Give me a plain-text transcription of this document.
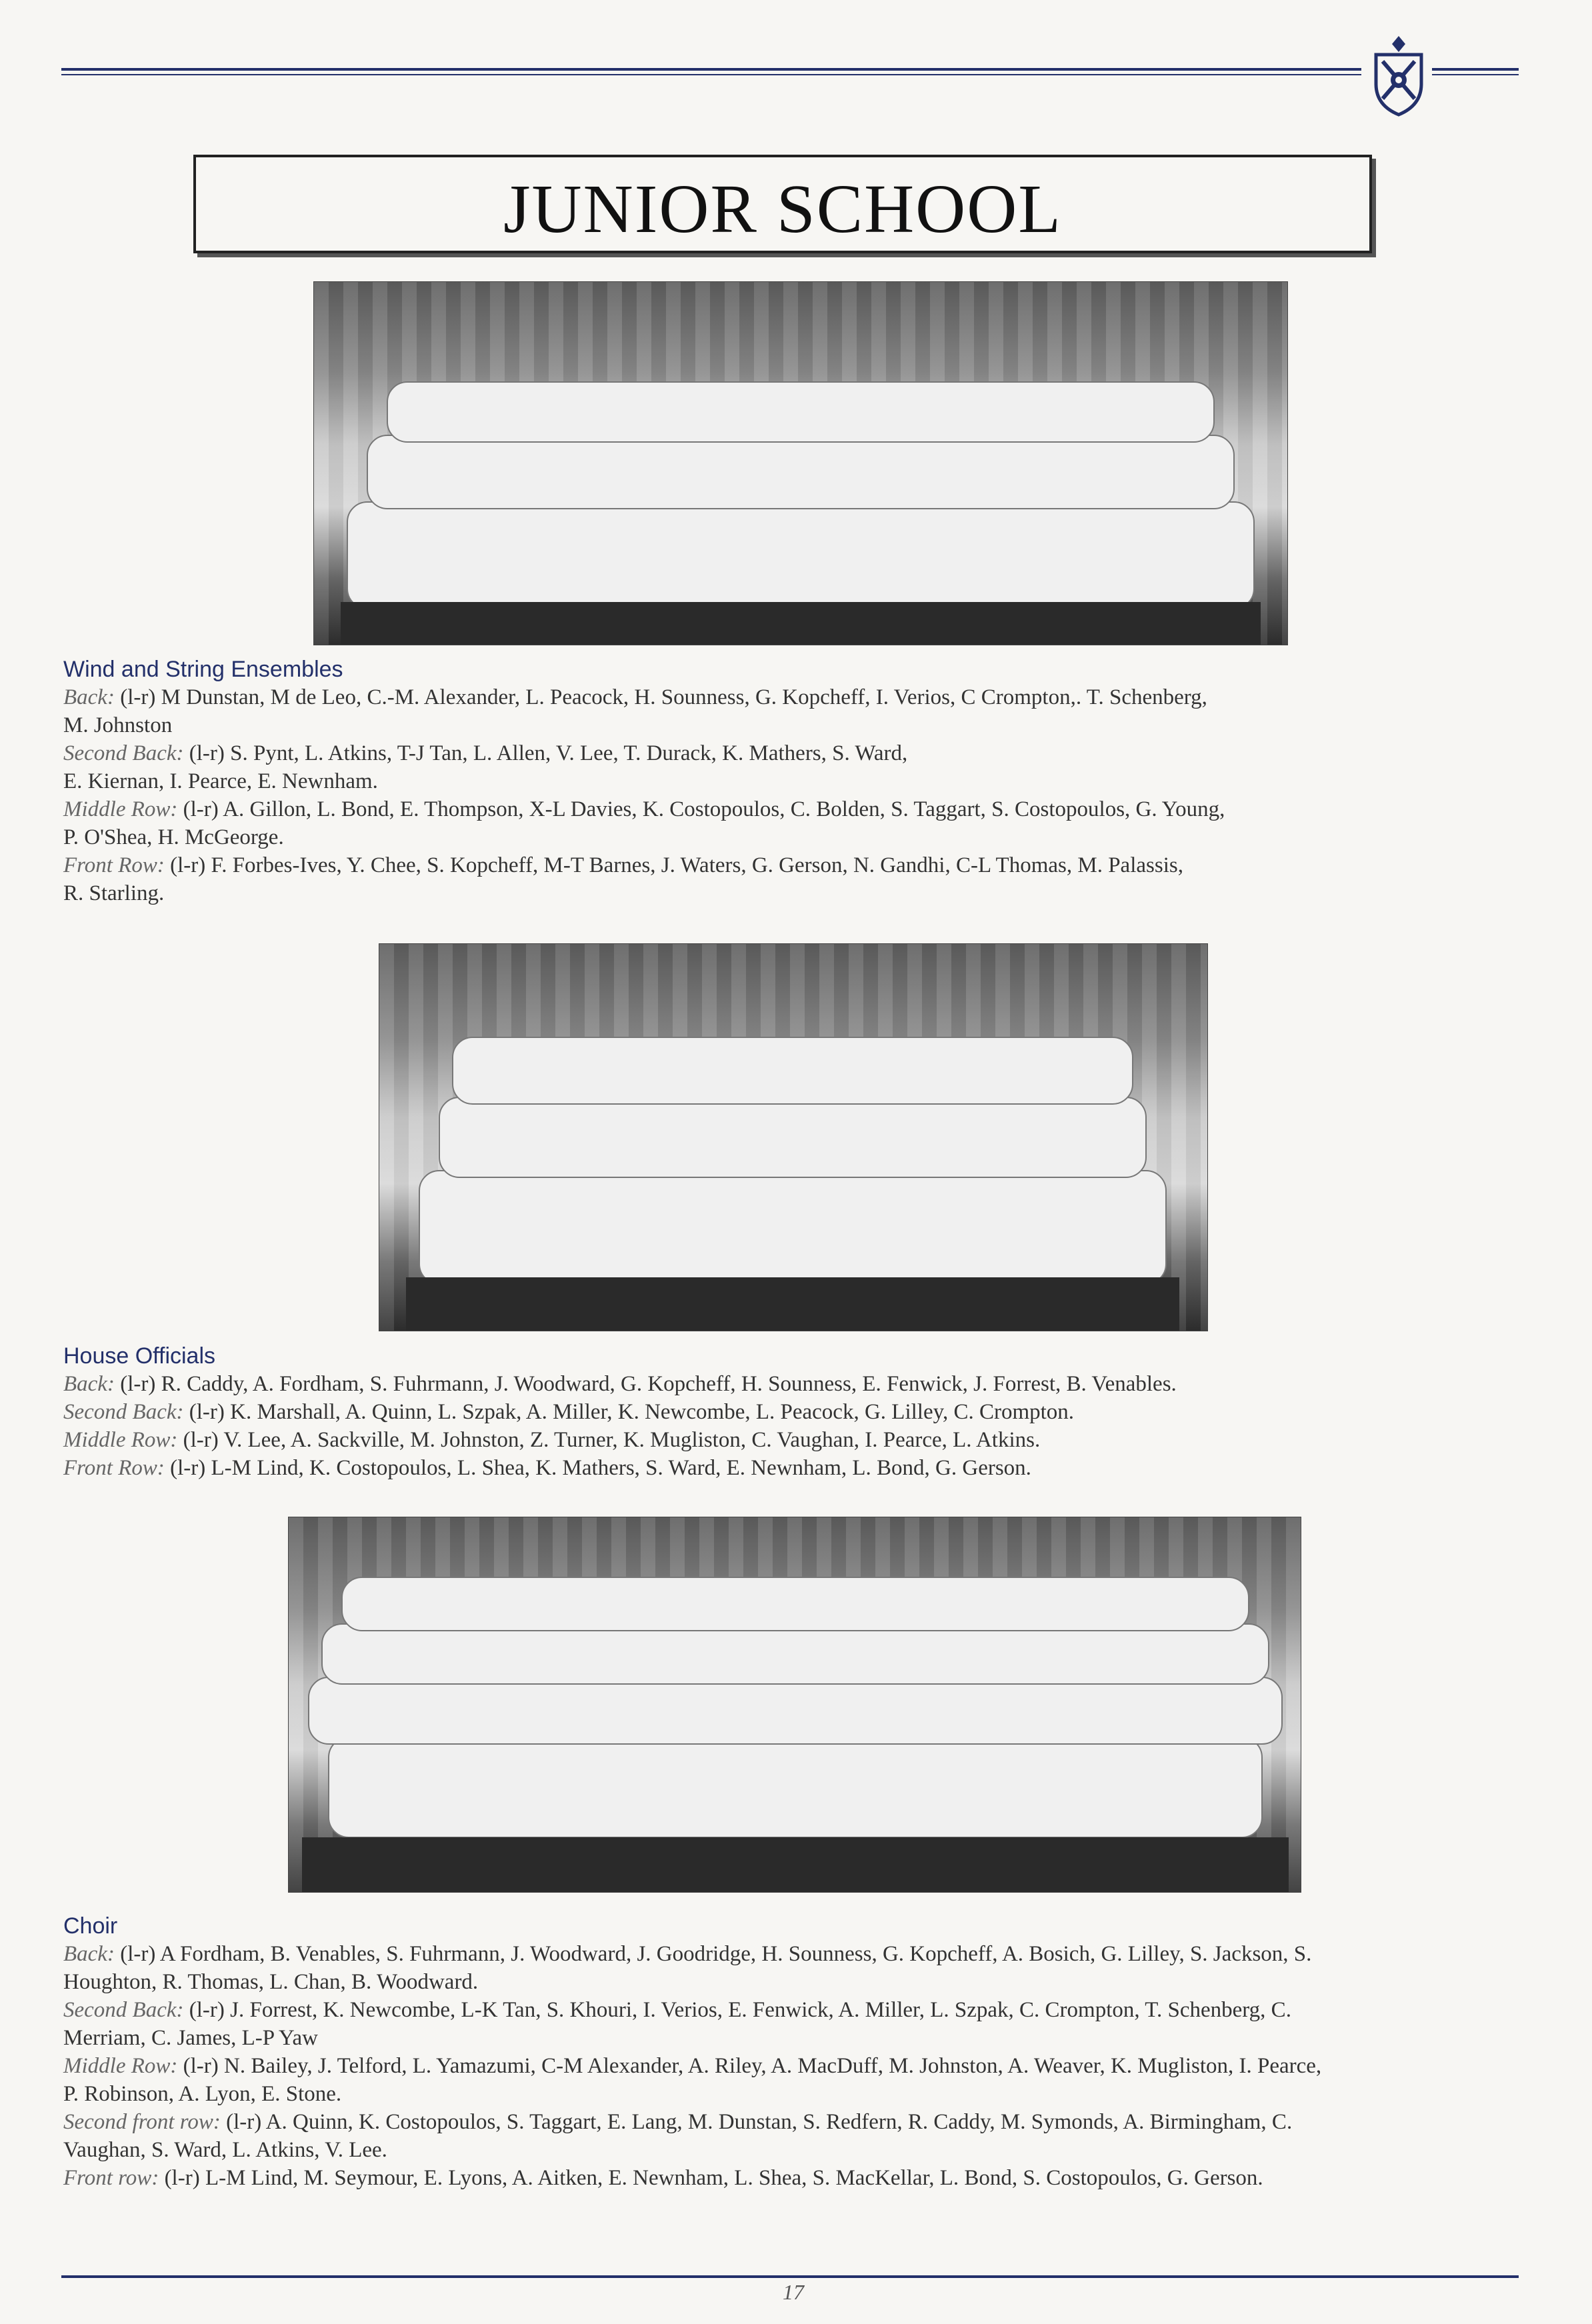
JUNIOR SCHOOL
Wind and String Ensembles
Back: (l-r) M Dunstan, M de Leo, C.-M. Alexander, L. Peacock, H. Sounness, G. Kopcheff, I. Verios, C Crompton,. T. Schenberg,
M. Johnston
Second Back: (l-r) S. Pynt, L. Atkins, T-J Tan, L. Allen, V. Lee, T. Durack, K. Mathers, S. Ward,
E. Kiernan, I. Pearce, E. Newnham.
Middle Row: (l-r) A. Gillon, L. Bond, E. Thompson, X-L Davies, K. Costopoulos, C. Bolden, S. Taggart, S. Costopoulos, G. Young,
P. O'Shea, H. McGeorge.
Front Row: (l-r) F. Forbes-Ives, Y. Chee, S. Kopcheff, M-T Barnes, J. Waters, G. Gerson, N. Gandhi, C-L Thomas, M. Palassis,
R. Starling.
House Officials
Back: (l-r) R. Caddy, A. Fordham, S. Fuhrmann, J. Woodward, G. Kopcheff, H. Sounness, E. Fenwick, J. Forrest, B. Venables.
Second Back: (l-r) K. Marshall, A. Quinn, L. Szpak, A. Miller, K. Newcombe, L. Peacock, G. Lilley, C. Crompton.
Middle Row: (l-r) V. Lee, A. Sackville, M. Johnston, Z. Turner, K. Mugliston, C. Vaughan, I. Pearce, L. Atkins.
Front Row: (l-r) L-M Lind, K. Costopoulos, L. Shea, K. Mathers, S. Ward, E. Newnham, L. Bond, G. Gerson.
Choir
Back: (l-r) A Fordham, B. Venables, S. Fuhrmann, J. Woodward, J. Goodridge, H. Sounness, G. Kopcheff, A. Bosich, G. Lilley, S. Jackson, S.
Houghton, R. Thomas, L. Chan, B. Woodward.
Second Back: (l-r) J. Forrest, K. Newcombe, L-K Tan, S. Khouri, I. Verios, E. Fenwick, A. Miller, L. Szpak, C. Crompton, T. Schenberg, C.
Merriam, C. James, L-P Yaw
Middle Row: (l-r) N. Bailey, J. Telford, L. Yamazumi, C-M Alexander, A. Riley, A. MacDuff, M. Johnston, A. Weaver, K. Mugliston, I. Pearce,
P. Robinson, A. Lyon, E. Stone.
Second front row: (l-r) A. Quinn, K. Costopoulos, S. Taggart, E. Lang, M. Dunstan, S. Redfern, R. Caddy, M. Symonds, A. Birmingham, C.
Vaughan, S. Ward, L. Atkins, V. Lee.
Front row: (l-r) L-M Lind, M. Seymour, E. Lyons, A. Aitken, E. Newnham, L. Shea, S. MacKellar, L. Bond, S. Costopoulos, G. Gerson.
17
